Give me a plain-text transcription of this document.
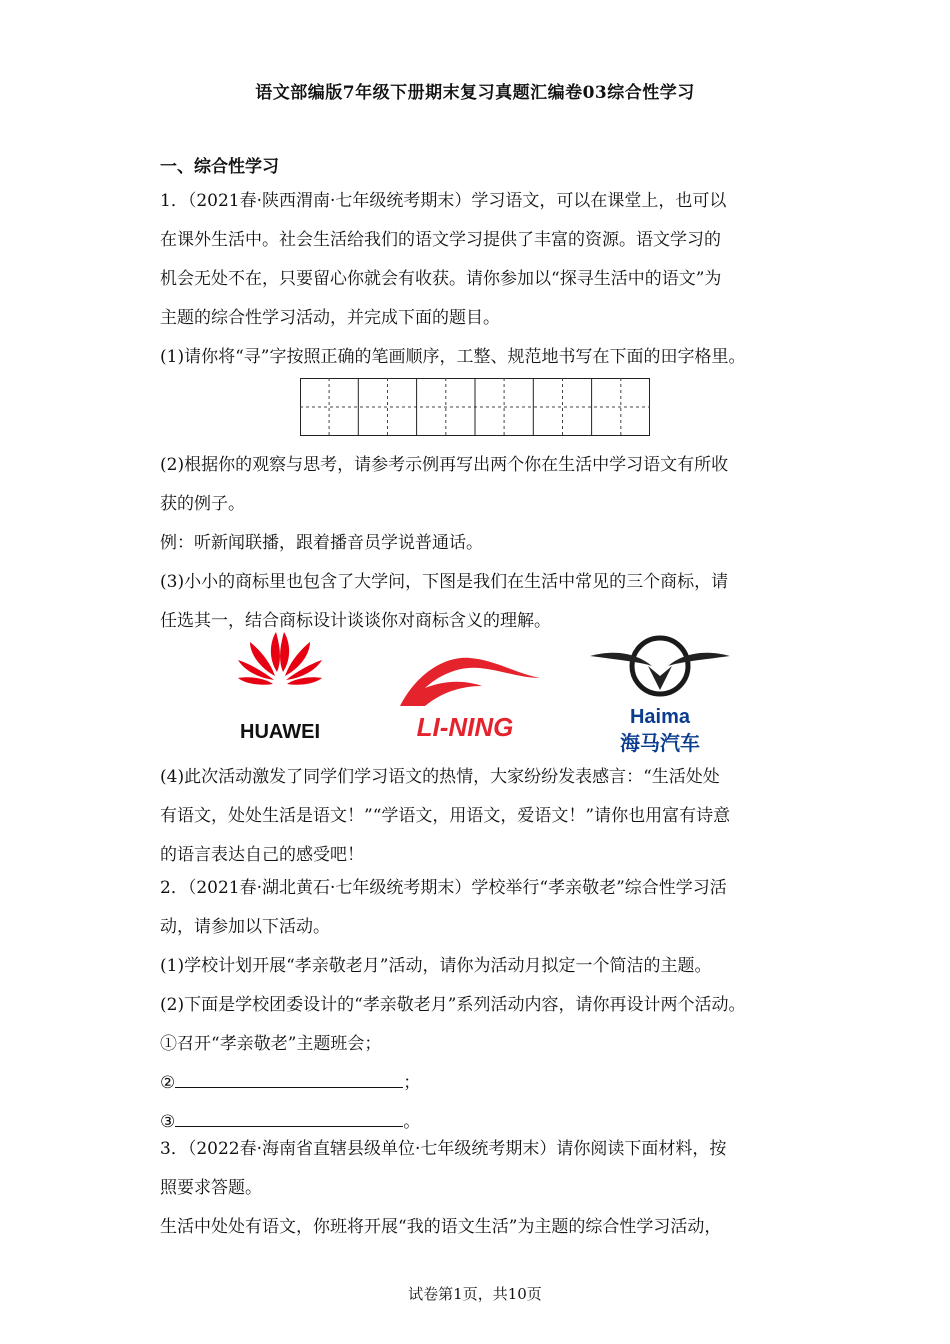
语文部编版7年级下册期末复习真题汇编卷03综合性学习
一、综合性学习
1．（2021春·陕西渭南·七年级统考期末）学习语文，可以在课堂上，也可以
在课外生活中。社会生活给我们的语文学习提供了丰富的资源。语文学习的
机会无处不在，只要留心你就会有收获。请你参加以“探寻生活中的语文”为
主题的综合性学习活动，并完成下面的题目。
(1)请你将“寻”字按照正确的笔画顺序，工整、规范地书写在下面的田字格里。
(2)根据你的观察与思考，请参考示例再写出两个你在生活中学习语文有所收
获的例子。
例：听新闻联播，跟着播音员学说普通话。
(3)小小的商标里也包含了大学问，下图是我们在生活中常见的三个商标，请
任选其一，结合商标设计谈谈你对商标含义的理解。
HUAWEI	LI-NING	Haima
海马汽车
(4)此次活动激发了同学们学习语文的热情，大家纷纷发表感言：“生活处处
有语文，处处生活是语文！”“学语文，用语文，爱语文！”请你也用富有诗意
的语言表达自己的感受吧！
2．（2021春·湖北黄石·七年级统考期末）学校举行“孝亲敬老”综合性学习活
动，请参加以下活动。
(1)学校计划开展“孝亲敬老月”活动，请你为活动月拟定一个简洁的主题。
(2)下面是学校团委设计的“孝亲敬老月”系列活动内容，请你再设计两个活动。
①召开“孝亲敬老”主题班会；
②	；
③	。
3．（2022春·海南省直辖县级单位·七年级统考期末）请你阅读下面材料，按
照要求答题。
生活中处处有语文，你班将开展“我的语文生活”为主题的综合性学习活动，
试卷第1页，共10页
